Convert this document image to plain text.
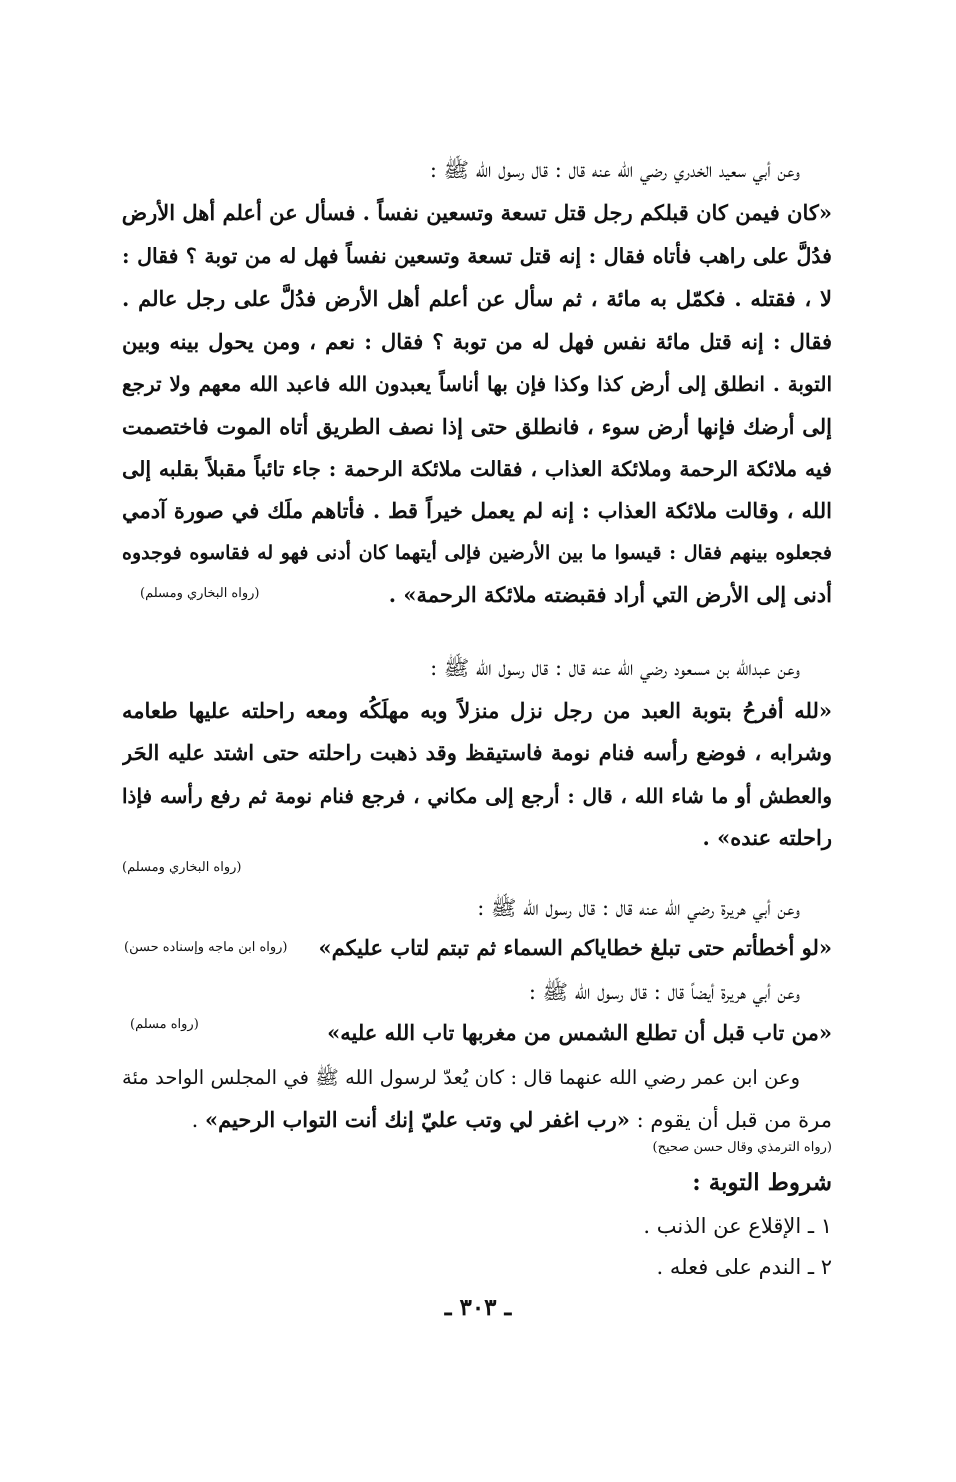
وعن أبي سعيد الخدري رضي الله عنه قال : قال رسول الله ﷺ :
«كان فيمن كان قبلكم رجل قتل تسعة وتسعين نفساً . فسأل عن أعلم أهل الأرض
فدُلَّ على راهب فأتاه فقال : إنه قتل تسعة وتسعين نفساً فهل له من توبة ؟ فقال :
لا ، فقتله . فكمّل به مائة ، ثم سأل عن أعلم أهل الأرض فدُلَّ على رجل عالم .
فقال : إنه قتل مائة نفس فهل له من توبة ؟ فقال : نعم ، ومن يحول بينه وبين
التوبة . انطلق إلى أرض كذا وكذا فإن بها أناساً يعبدون الله فاعبد الله معهم ولا ترجع
إلى أرضك فإنها أرض سوء ، فانطلق حتى إذا نصف الطريق أتاه الموت فاختصمت
فيه ملائكة الرحمة وملائكة العذاب ، فقالت ملائكة الرحمة : جاء تائباً مقبلاً بقلبه إلى
الله ، وقالت ملائكة العذاب : إنه لم يعمل خيراً قط . فأتاهم ملَك في صورة آدمي
فجعلوه بينهم فقال : قيسوا ما بين الأرضين فإلى أيتهما كان أدنى فهو له فقاسوه فوجدوه
أدنى إلى الأرض التي أراد فقبضته ملائكة الرحمة» .
(رواه البخاري ومسلم)
وعن عبدالله بن مسعود رضي الله عنه قال : قال رسول الله ﷺ :
«لله أفرحُ بتوبة العبد من رجل نزل منزلاً وبه مهلَكُه ومعه راحلته عليها طعامه
وشرابه ، فوضع رأسه فنام نومة فاستيقظ وقد ذهبت راحلته حتى اشتد عليه الحَر
والعطش أو ما شاء الله ، قال : أرجع إلى مكاني ، فرجع فنام نومة ثم رفع رأسه فإذا
راحلته عنده» .
(رواه البخاري ومسلم)
وعن أبي هريرة رضي الله عنه قال : قال رسول الله ﷺ :
«لو أخطأتم حتى تبلغ خطاياكم السماء ثم تبتم لتاب عليكم»
(رواه ابن ماجه وإسناده حسن)
وعن أبي هريرة أيضاً قال : قال رسول الله ﷺ :
«من تاب قبل أن تطلع الشمس من مغربها تاب الله عليه»
(رواه مسلم)
وعن ابن عمر رضي الله عنهما قال : كان يُعدّ لرسول الله ﷺ في المجلس الواحد مئة
مرة من قبل أن يقوم : «رب اغفر لي وتب عليّ إنك أنت التواب الرحيم» .
(رواه الترمذي وقال حسن صحيح)
شروط التوبة :
١ ـ الإقلاع عن الذنب .
٢ ـ الندم على فعله .
ـ ٣٠٣ ـ
